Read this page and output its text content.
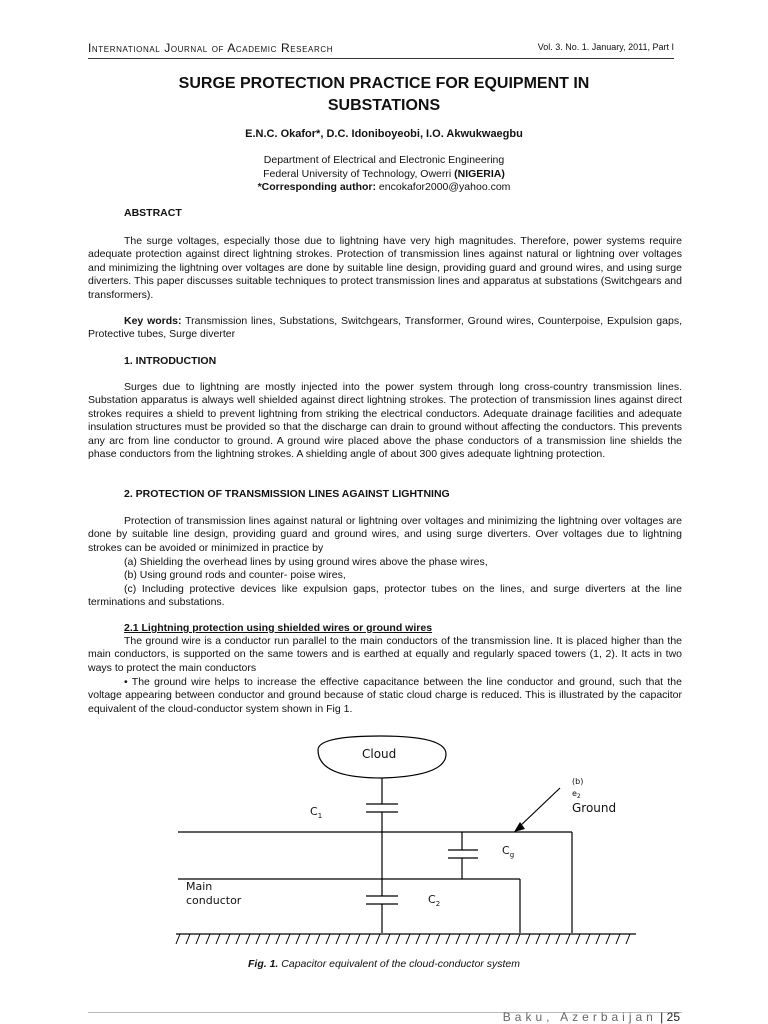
International Journal of Academic Research	Vol. 3. No. 1. January, 2011, Part I
SURGE PROTECTION PRACTICE FOR EQUIPMENT IN
SUBSTATIONS
E.N.C. Okafor*, D.C. Idoniboyeobi, I.O. Akwukwaegbu
Department of Electrical and Electronic Engineering
Federal University of Technology, Owerri (NIGERIA)
*Corresponding author: encokafor2000@yahoo.com
ABSTRACT

The surge voltages, especially those due to lightning have very high magnitudes. Therefore, power systems require adequate protection against direct lightning strokes. Protection of transmission lines against natural or lightning over voltages and minimizing the lightning over voltages are done by suitable line design, providing guard and ground wires, and using surge diverters. This paper discusses suitable techniques to protect transmission lines and apparatus at substations (Switchgears and transformers).

Key words: Transmission lines, Substations, Switchgears, Transformer, Ground wires, Counterpoise, Expulsion gaps, Protective tubes, Surge diverter

1. INTRODUCTION

Surges due to lightning are mostly injected into the power system through long cross-country transmission lines. Substation apparatus is always well shielded against direct lightning strokes. The protection of transmission lines against direct strokes requires a shield to prevent lightning from striking the electrical conductors. Adequate drainage facilities and adequate insulation structures must be provided so that the discharge can drain to ground without affecting the conductors. This prevents any arc from line conductor to ground. A ground wire placed above the phase conductors of a transmission line shields the phase conductors from the lightning strokes. A shielding angle of about 300 gives adequate lightning protection.

2. PROTECTION OF TRANSMISSION LINES AGAINST LIGHTNING

Protection of transmission lines against natural or lightning over voltages and minimizing the lightning over voltages are done by suitable line design, providing guard and ground wires, and using surge diverters. Over voltages due to lightning strokes can be avoided or minimized in practice by

(a) Shielding the overhead lines by using ground wires above the phase wires,

(b) Using ground rods and counter- poise wires,

(c) Including protective devices like expulsion gaps, protector tubes on the lines, and surge diverters at the line terminations and substations.

2.1 Lightning protection using shielded wires or ground wires

The ground wire is a conductor run parallel to the main conductors of the transmission line. It is placed higher than the main conductors, is supported on the same towers and is earthed at equally and regularly spaced towers (1, 2). It acts in two ways to protect the main conductors

• The ground wire helps to increase the effective capacitance between the line conductor and ground, such that the voltage appearing between conductor and ground because of static cloud charge is reduced. This is illustrated by the capacitor equivalent of the cloud-conductor system shown in Fig 1.

Cloud
$C_1$
$C_g$
$C_2$
(b)
$e_2$
Ground
Main
conductor
Fig. 1. Capacitor equivalent of the cloud-conductor system
Baku, Azerbaijan | 25
